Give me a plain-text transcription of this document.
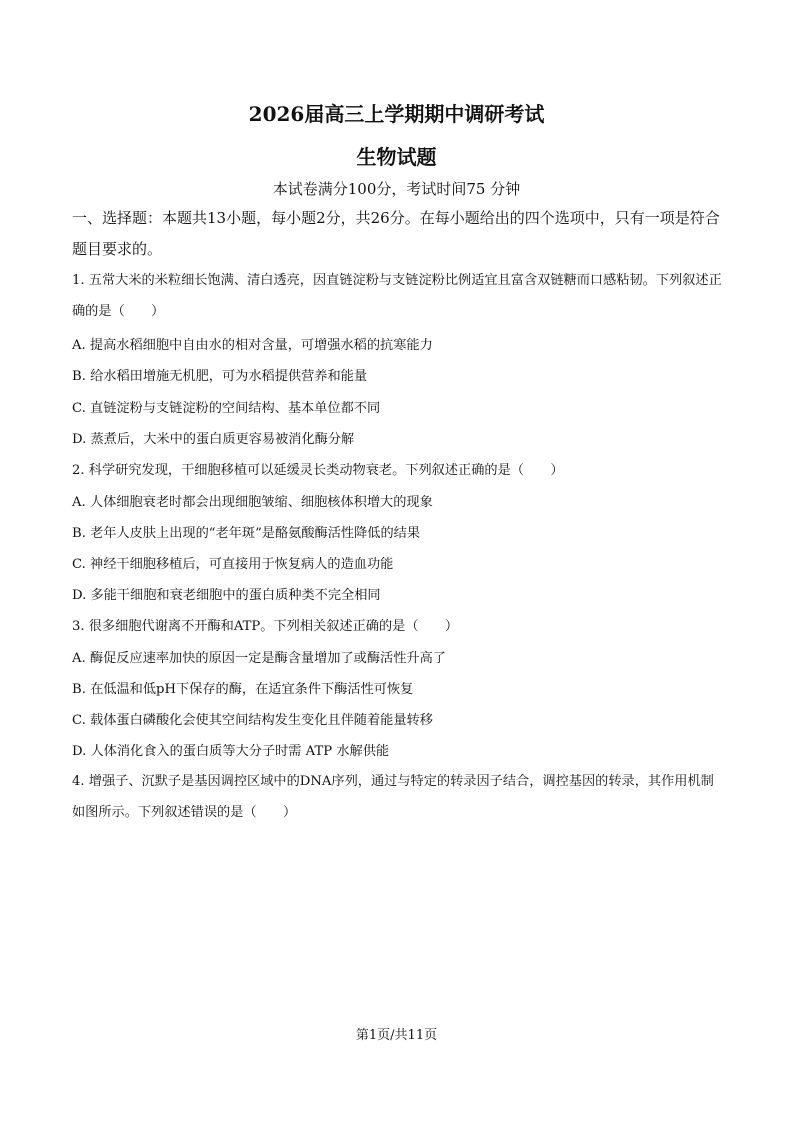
2026届高三上学期期中调研考试
生物试题
本试卷满分100分，考试时间75 分钟
一、选择题：本题共13小题，每小题2分，共26分。在每小题给出的四个选项中，只有一项是符合题目要求的。
1. 五常大米的米粒细长饱满、清白透亮，因直链淀粉与支链淀粉比例适宜且富含双链糖而口感粘韧。下列叙述正确的是（　　）
A. 提高水稻细胞中自由水的相对含量，可增强水稻的抗寒能力
B. 给水稻田增施无机肥，可为水稻提供营养和能量
C. 直链淀粉与支链淀粉的空间结构、基本单位都不同
D. 蒸煮后，大米中的蛋白质更容易被消化酶分解
2. 科学研究发现，干细胞移植可以延缓灵长类动物衰老。下列叙述正确的是（　　）
A. 人体细胞衰老时都会出现细胞皱缩、细胞核体积增大的现象
B. 老年人皮肤上出现的“老年斑”是酪氨酸酶活性降低的结果
C. 神经干细胞移植后，可直接用于恢复病人的造血功能
D. 多能干细胞和衰老细胞中的蛋白质种类不完全相同
3. 很多细胞代谢离不开酶和ATP。下列相关叙述正确的是（　　）
A. 酶促反应速率加快的原因一定是酶含量增加了或酶活性升高了
B. 在低温和低pH下保存的酶，在适宜条件下酶活性可恢复
C. 载体蛋白磷酸化会使其空间结构发生变化且伴随着能量转移
D. 人体消化食入的蛋白质等大分子时需 ATP 水解供能
4. 增强子、沉默子是基因调控区域中的DNA序列，通过与特定的转录因子结合，调控基因的转录，其作用机制如图所示。下列叙述错误的是（　　）
第1页/共11页
